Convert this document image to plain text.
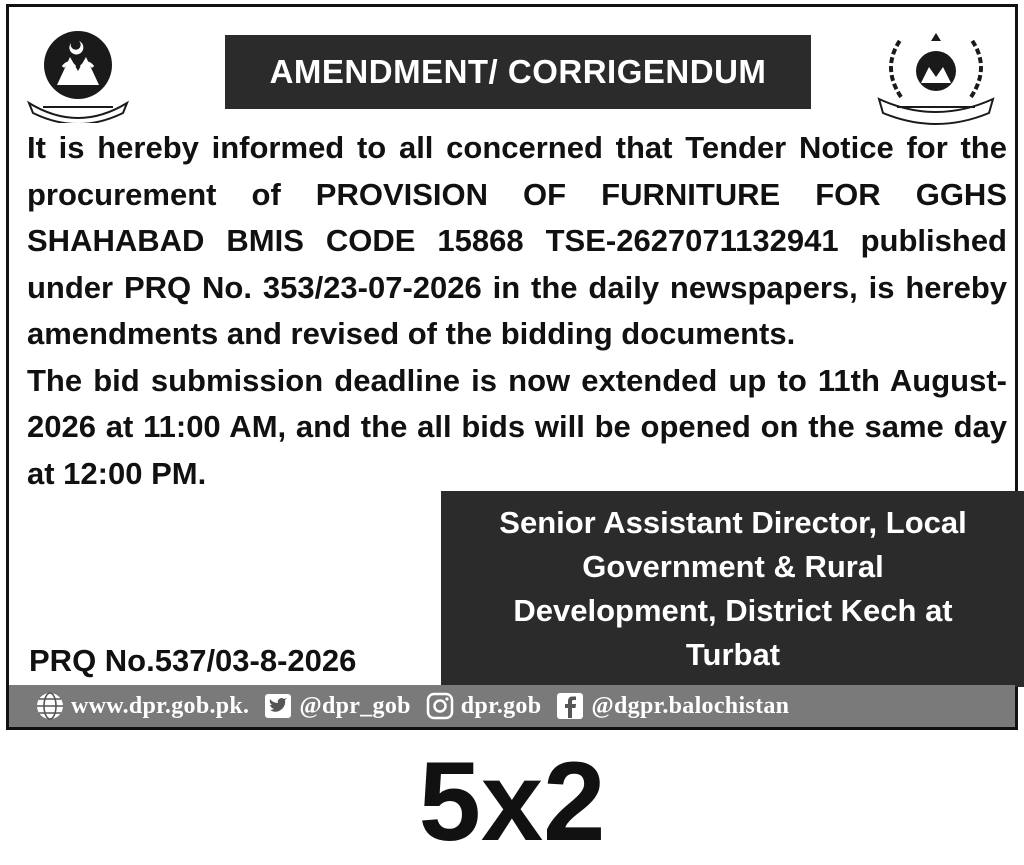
AMENDMENT/ CORRIGENDUM

It is hereby informed to all concerned that Tender Notice for the procurement of PROVISION OF FURNITURE FOR GGHS SHAHABAD BMIS CODE 15868 TSE-2627071132941 published under PRQ No. 353/23-07-2026 in the daily newspapers, is hereby amendments and revised of the bidding documents.

The bid submission deadline is now extended up to 11th August-2026 at 11:00 AM, and the all bids will be opened on the same day at 12:00 PM.

PRQ No.537/03-8-2026
Senior Assistant Director, Local Government & Rural Development, District Kech at Turbat
www.dpr.gob.pk. @dpr_gob dpr.gob @dgpr.balochistan
5x2
